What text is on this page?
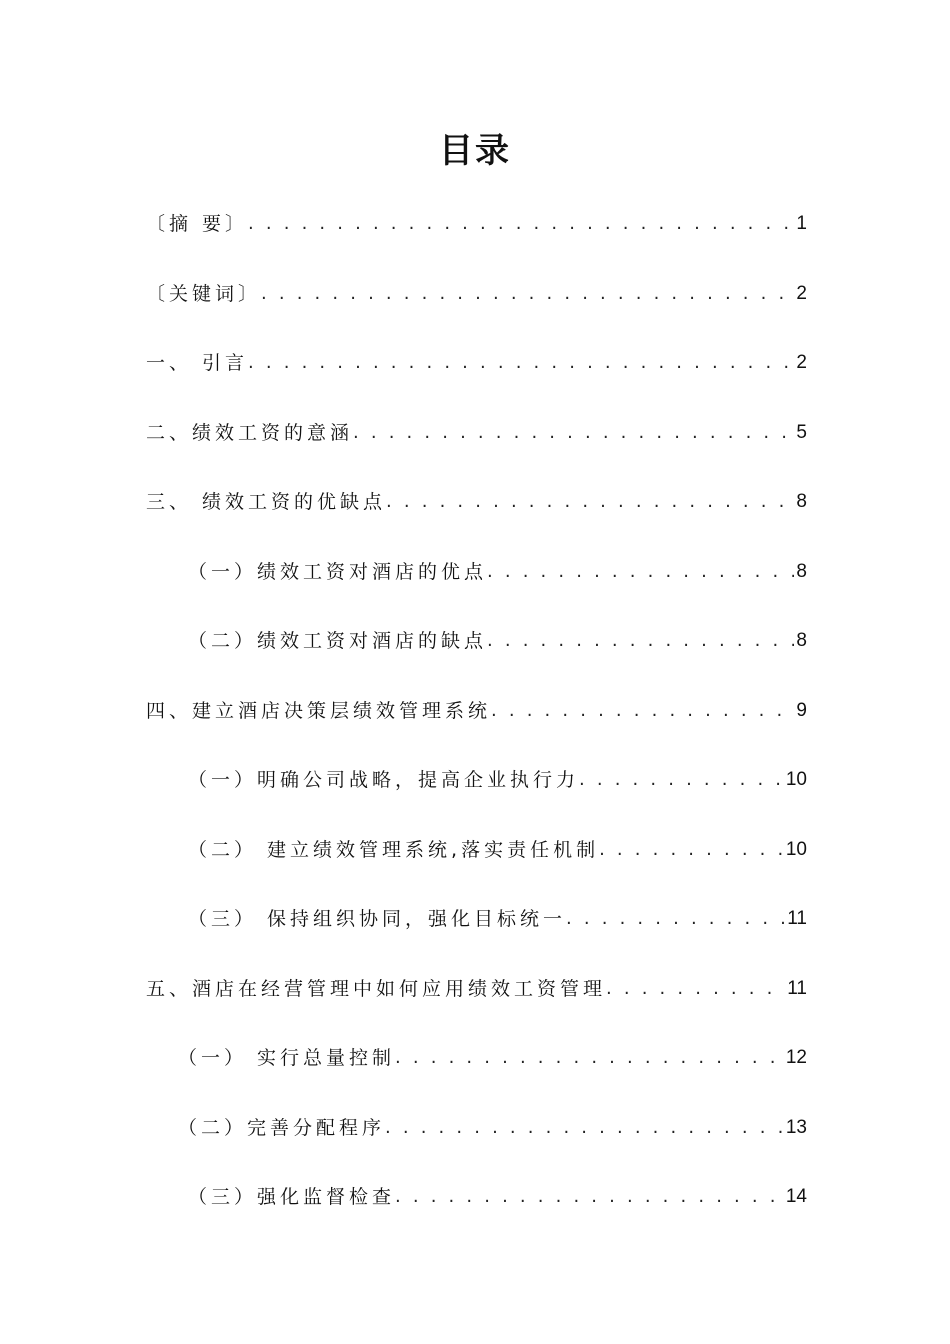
目录
〔摘 要〕 . . .	1
〔关键词〕 . . .	2
一、 引言 . . .	2
二、绩效工资的意涵 . . .	5
三、 绩效工资的优缺点 . . .	8
（一）绩效工资对酒店的优点 . . .	8
（二）绩效工资对酒店的缺点 . . .	8
四、建立酒店决策层绩效管理系统 . . .	9
（一）明确公司战略，提高企业执行力 . . .	10
（二） 建立绩效管理系统,落实责任机制 . . .	10
（三） 保持组织协同，强化目标统一 . . .	11
五、酒店在经营管理中如何应用绩效工资管理 . . .	11
（一） 实行总量控制 . . .	12
（二）完善分配程序 . . .	13
（三）强化监督检查 . . .	14
